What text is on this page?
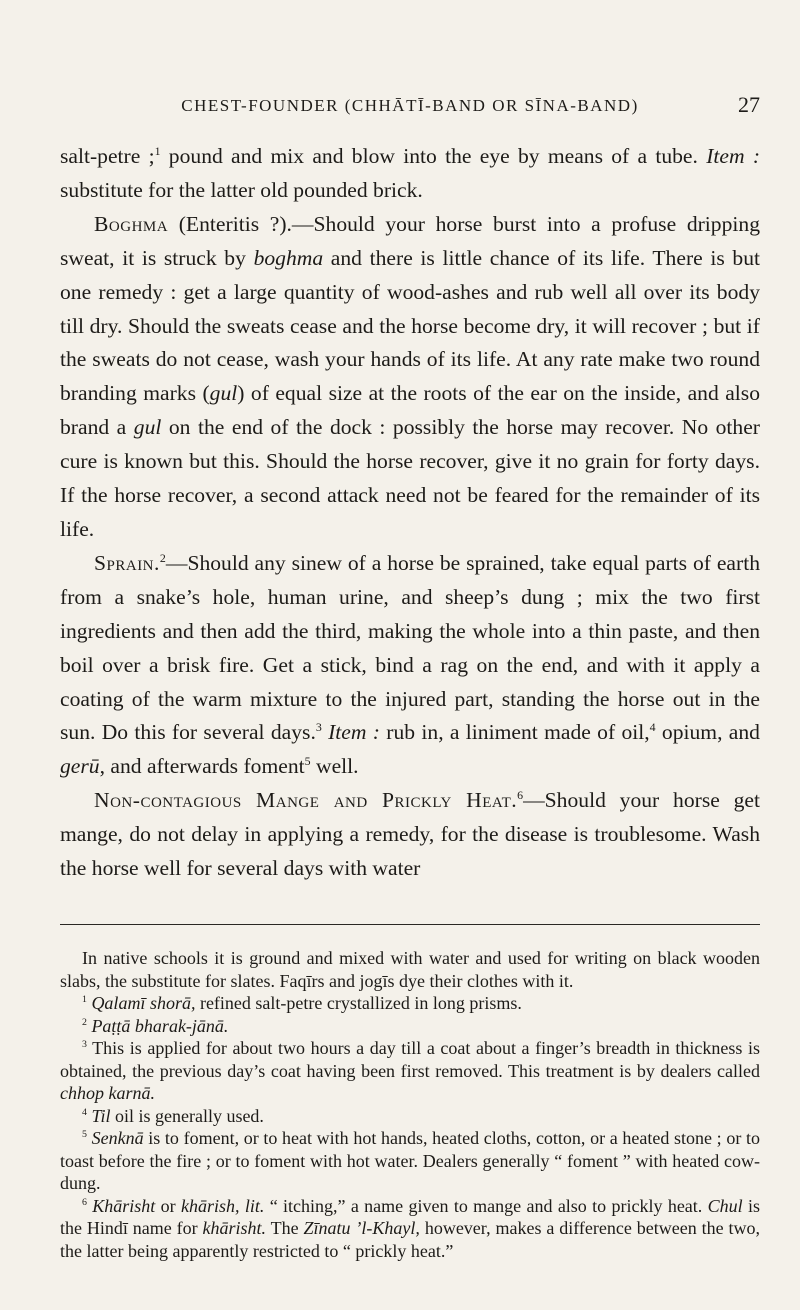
CHEST-FOUNDER (CHHĀTĪ-BAND OR SĪNA-BAND)	27

salt-petre ;$^1$ pound and mix and blow into the eye by means of a tube. Item : substitute for the latter old pounded brick.

Boghma (Enteritis ?).—Should your horse burst into a profuse dripping sweat, it is struck by boghma and there is little chance of its life. There is but one remedy : get a large quantity of wood-ashes and rub well all over its body till dry. Should the sweats cease and the horse become dry, it will recover ; but if the sweats do not cease, wash your hands of its life. At any rate make two round branding marks (gul) of equal size at the roots of the ear on the inside, and also brand a gul on the end of the dock : possibly the horse may recover. No other cure is known but this. Should the horse recover, give it no grain for forty days. If the horse recover, a second attack need not be feared for the remainder of its life.

Sprain.$^2$—Should any sinew of a horse be sprained, take equal parts of earth from a snake’s hole, human urine, and sheep’s dung ; mix the two first ingredients and then add the third, making the whole into a thin paste, and then boil over a brisk fire. Get a stick, bind a rag on the end, and with it apply a coating of the warm mixture to the injured part, standing the horse out in the sun. Do this for several days.$^3$ Item : rub in, a liniment made of oil,$^4$ opium, and gerū, and afterwards foment$^5$ well.

Non-contagious Mange and Prickly Heat.$^6$—Should your horse get mange, do not delay in applying a remedy, for the disease is troublesome. Wash the horse well for several days with water

In native schools it is ground and mixed with water and used for writing on black wooden slabs, the substitute for slates. Faqīrs and jogīs dye their clothes with it.

$^1$ Qalamī shorā, refined salt-petre crystallized in long prisms.

$^2$ Paṭṭā bharak-jānā.

$^3$ This is applied for about two hours a day till a coat about a finger’s breadth in thickness is obtained, the previous day’s coat having been first removed. This treatment is by dealers called chhop karnā.

$^4$ Til oil is generally used.

$^5$ Senknā is to foment, or to heat with hot hands, heated cloths, cotton, or a heated stone ; or to toast before the fire ; or to foment with hot water. Dealers generally “ foment ” with heated cow-dung.

$^6$ Khārisht or khārish, lit. “ itching,” a name given to mange and also to prickly heat. Chul is the Hindī name for khārisht. The Zīnatu ’l-Khayl, however, makes a difference between the two, the latter being apparently restricted to “ prickly heat.”
